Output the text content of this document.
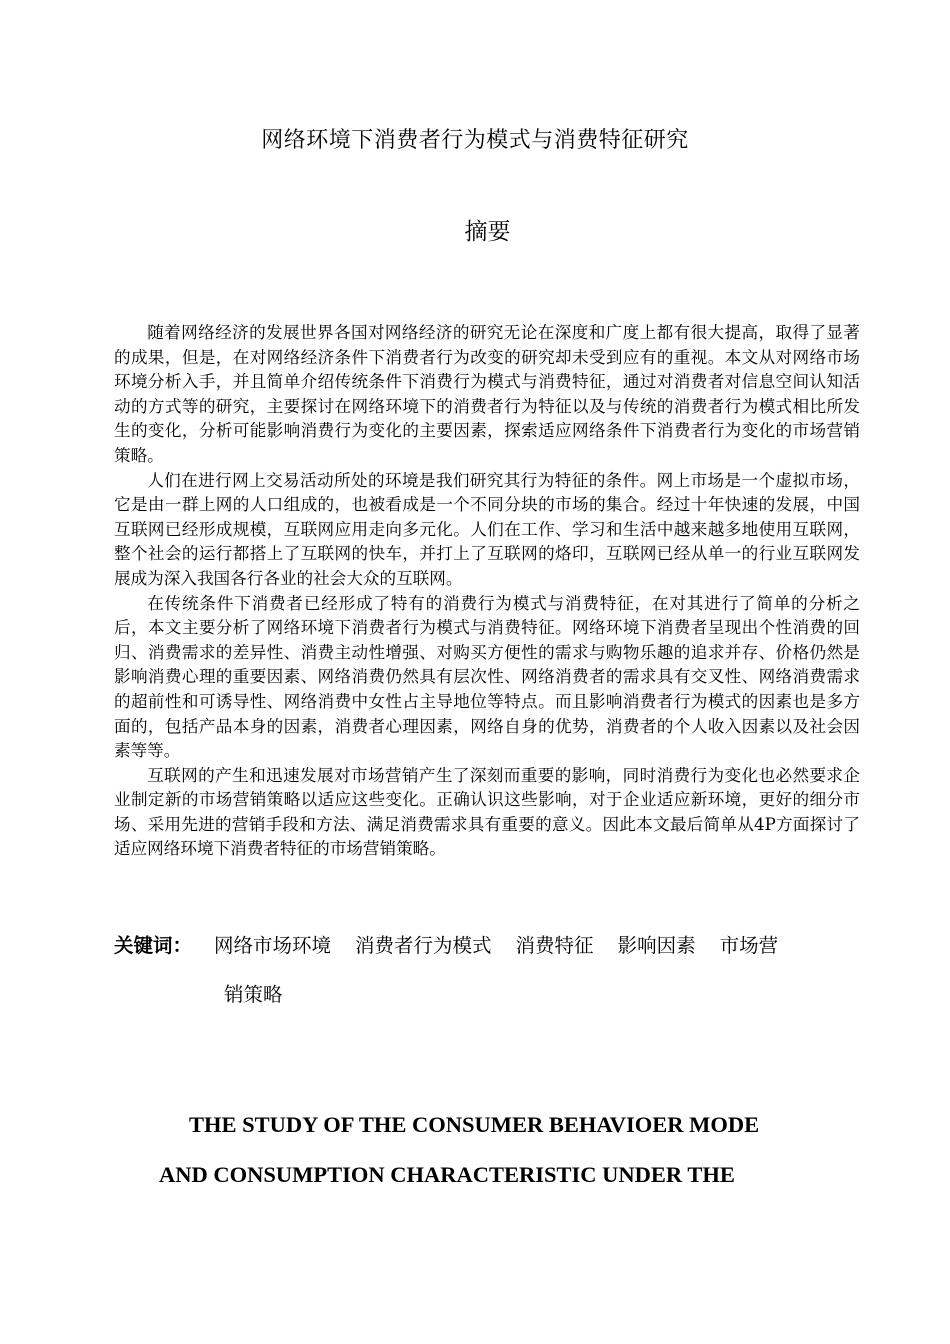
网络环境下消费者行为模式与消费特征研究
摘要

随着网络经济的发展世界各国对网络经济的研究无论在深度和广度上都有很大提高，取得了显著的成果，但是，在对网络经济条件下消费者行为改变的研究却未受到应有的重视。本文从对网络市场环境分析入手，并且简单介绍传统条件下消费行为模式与消费特征，通过对消费者对信息空间认知活动的方式等的研究，主要探讨在网络环境下的消费者行为特征以及与传统的消费者行为模式相比所发生的变化，分析可能影响消费行为变化的主要因素，探索适应网络条件下消费者行为变化的市场营销策略。

人们在进行网上交易活动所处的环境是我们研究其行为特征的条件。网上市场是一个虚拟市场，它是由一群上网的人口组成的，也被看成是一个不同分块的市场的集合。经过十年快速的发展，中国互联网已经形成规模，互联网应用走向多元化。人们在工作、学习和生活中越来越多地使用互联网，整个社会的运行都搭上了互联网的快车，并打上了互联网的烙印，互联网已经从单一的行业互联网发展成为深入我国各行各业的社会大众的互联网。

在传统条件下消费者已经形成了特有的消费行为模式与消费特征，在对其进行了简单的分析之后，本文主要分析了网络环境下消费者行为模式与消费特征。网络环境下消费者呈现出个性消费的回归、消费需求的差异性、消费主动性增强、对购买方便性的需求与购物乐趣的追求并存、价格仍然是影响消费心理的重要因素、网络消费仍然具有层次性、网络消费者的需求具有交叉性、网络消费需求的超前性和可诱导性、网络消费中女性占主导地位等特点。而且影响消费者行为模式的因素也是多方面的，包括产品本身的因素，消费者心理因素，网络自身的优势，消费者的个人收入因素以及社会因素等等。

互联网的产生和迅速发展对市场营销产生了深刻而重要的影响，同时消费行为变化也必然要求企业制定新的市场营销策略以适应这些变化。正确认识这些影响，对于企业适应新环境，更好的细分市场、采用先进的营销手段和方法、满足消费需求具有重要的意义。因此本文最后简单从4P方面探讨了适应网络环境下消费者特征的市场营销策略。

关键词： 网络市场环境 消费者行为模式 消费特征 影响因素 市场营
销策略
THE STUDY OF THE CONSUMER BEHAVIOER MODE
AND CONSUMPTION CHARACTERISTIC UNDER THE
